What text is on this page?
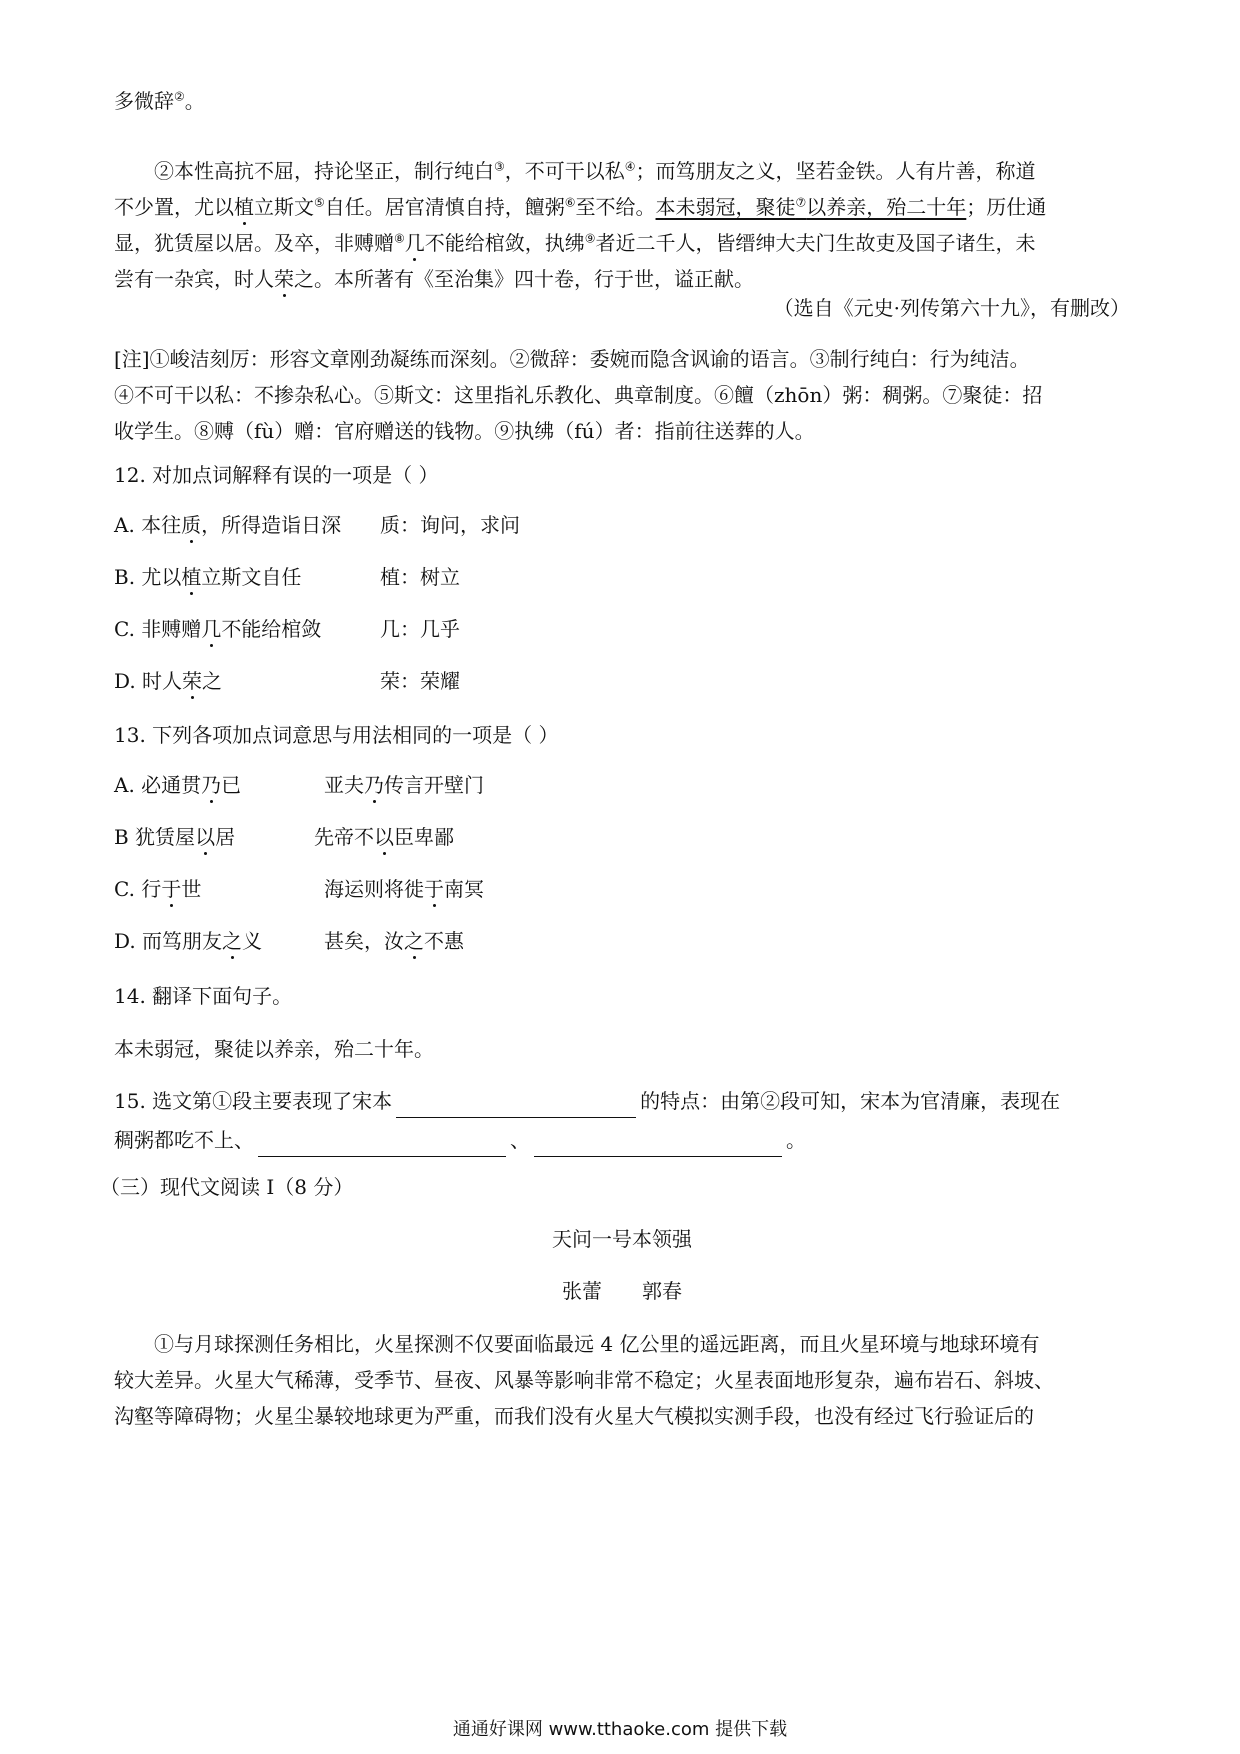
多微辞②。
②本性高抗不屈，持论坚正，制行纯白③，不可干以私④；而笃朋友之义，坚若金铁。人有片善，称道
不少置，尤以植立斯文⑤自任。居官清慎自持，饘粥⑥至不给。本未弱冠，聚徒⑦以养亲，殆二十年；历仕通
显，犹赁屋以居。及卒，非赙赠⑧几不能给棺敛，执绋⑨者近二千人，皆缙绅大夫门生故吏及国子诸生，未
尝有一杂宾，时人荣之。本所著有《至治集》四十卷，行于世，谥正献。
（选自《元史·列传第六十九》，有删改）
[注]①峻洁刻厉：形容文章刚劲凝练而深刻。②微辞：委婉而隐含讽谕的语言。③制行纯白：行为纯洁。
④不可干以私：不掺杂私心。⑤斯文：这里指礼乐教化、典章制度。⑥饘（zhōn）粥：稠粥。⑦聚徒：招
收学生。⑧赙（fù）赠：官府赠送的钱物。⑨执绋（fú）者：指前往送葬的人。
12. 对加点词解释有误的一项是（ ）
A. 本往质，所得造诣日深 质：询问，求问
B. 尤以植立斯文自任	植：树立
C. 非赙赠几不能给棺敛	几：几乎
D. 时人荣之	荣：荣耀
13. 下列各项加点词意思与用法相同的一项是（ ）
A. 必通贯乃已	亚夫乃传言开壁门
B 犹赁屋以居	先帝不以臣卑鄙
C. 行于世	海运则将徙于南冥
D. 而笃朋友之义	甚矣，汝之不惠
14. 翻译下面句子。
本未弱冠，聚徒以养亲，殆二十年。
15. 选文第①段主要表现了宋本	的特点：由第②段可知，宋本为官清廉，表现在
稠粥都吃不上、	、	。
（三）现代文阅读 I（8 分）
天问一号本领强
张蕾　　郭春
①与月球探测任务相比，火星探测不仅要面临最远 4 亿公里的遥远距离，而且火星环境与地球环境有
较大差异。火星大气稀薄，受季节、昼夜、风暴等影响非常不稳定；火星表面地形复杂，遍布岩石、斜坡、
沟壑等障碍物；火星尘暴较地球更为严重，而我们没有火星大气模拟实测手段，也没有经过飞行验证后的
通通好课网 www.tthaoke.com 提供下载
